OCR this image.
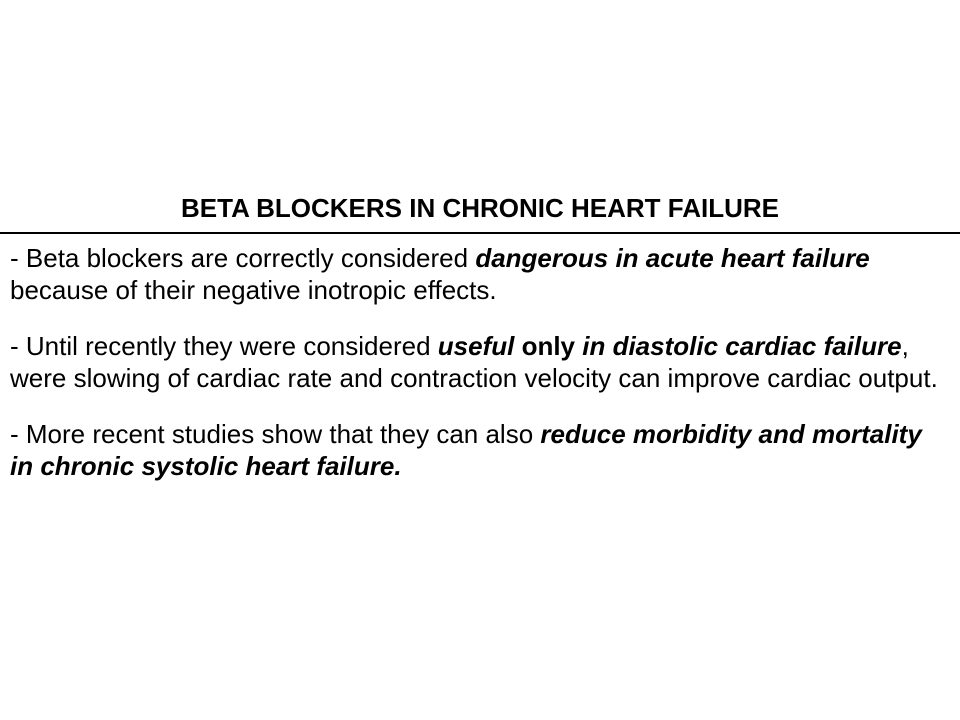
BETA BLOCKERS IN CHRONIC HEART FAILURE

- Beta blockers are correctly considered dangerous in acute heart failure because of their negative inotropic effects.

- Until recently they were considered useful only in diastolic cardiac failure, were slowing of cardiac rate and contraction velocity can improve cardiac output.

- More recent studies show that they can also reduce morbidity and mortality in chronic systolic heart failure.
